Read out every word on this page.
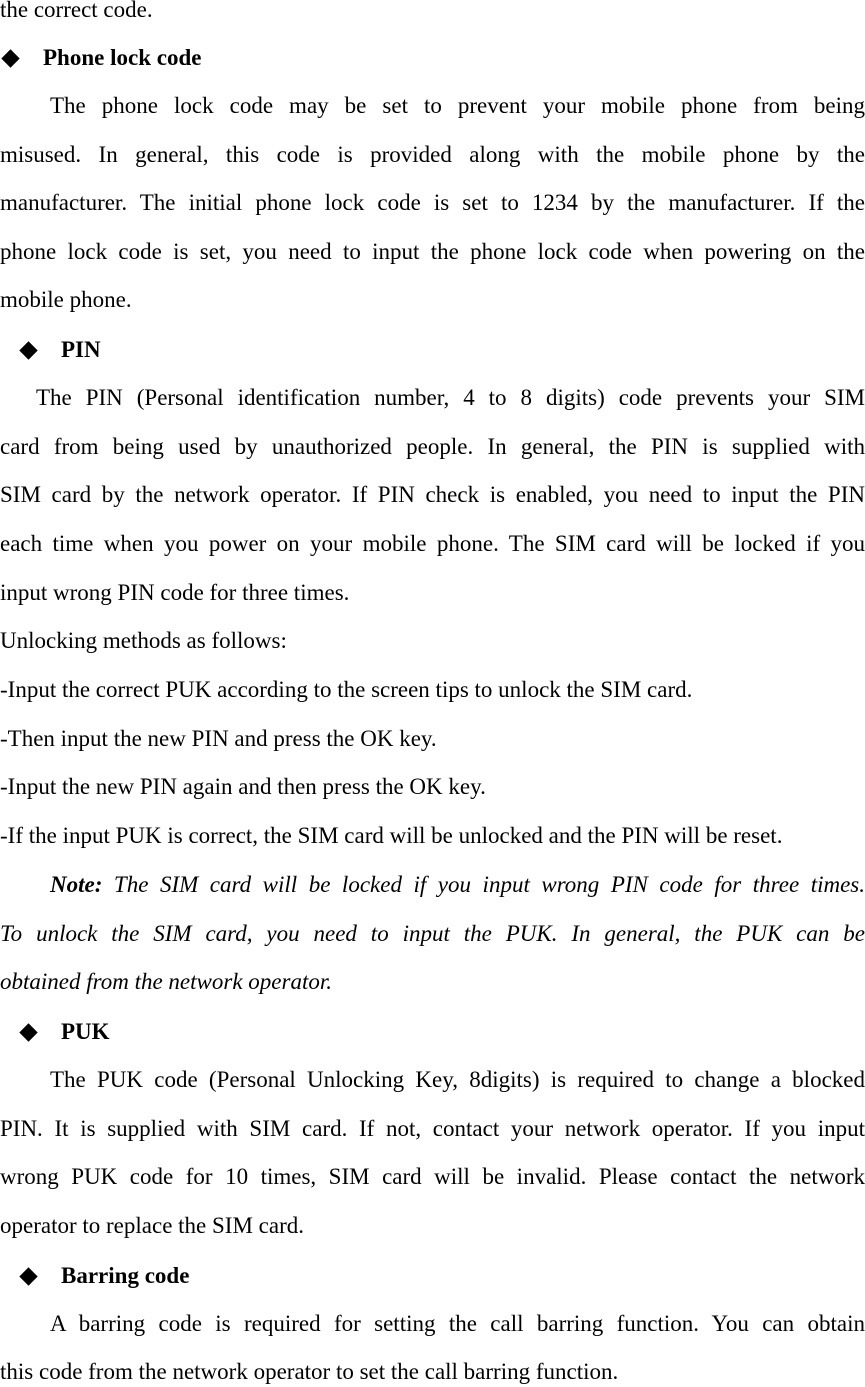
the correct code.
Phone lock code
The phone lock code may be set to prevent your mobile phone from being
misused. In general, this code is provided along with the mobile phone by the
manufacturer. The initial phone lock code is set to 1234 by the manufacturer. If the
phone lock code is set, you need to input the phone lock code when powering on the
mobile phone.
PIN
The PIN (Personal identification number, 4 to 8 digits) code prevents your SIM
card from being used by unauthorized people. In general, the PIN is supplied with
SIM card by the network operator. If PIN check is enabled, you need to input the PIN
each time when you power on your mobile phone. The SIM card will be locked if you
input wrong PIN code for three times.
Unlocking methods as follows:
-Input the correct PUK according to the screen tips to unlock the SIM card.
-Then input the new PIN and press the OK key.
-Input the new PIN again and then press the OK key.
-If the input PUK is correct, the SIM card will be unlocked and the PIN will be reset.
Note: The SIM card will be locked if you input wrong PIN code for three times.
To unlock the SIM card, you need to input the PUK. In general, the PUK can be
obtained from the network operator.
PUK
The PUK code (Personal Unlocking Key, 8digits) is required to change a blocked
PIN. It is supplied with SIM card. If not, contact your network operator. If you input
wrong PUK code for 10 times, SIM card will be invalid. Please contact the network
operator to replace the SIM card.
Barring code
A barring code is required for setting the call barring function. You can obtain
this code from the network operator to set the call barring function.
